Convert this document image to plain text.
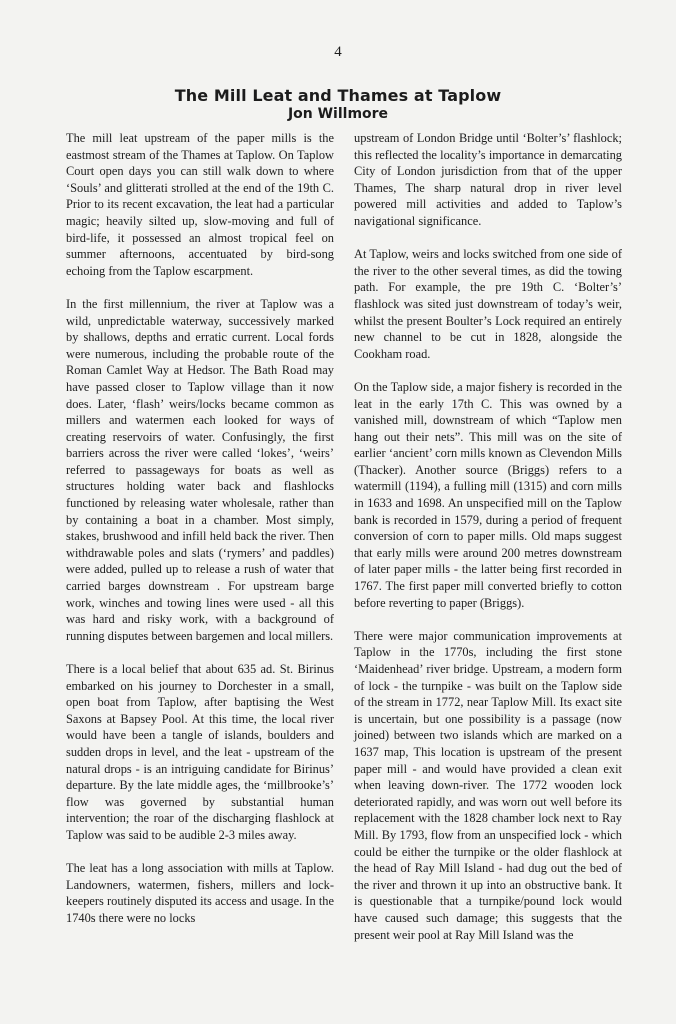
4
The Mill Leat and Thames at Taplow
Jon Willmore

The mill leat upstream of the paper mills is the eastmost stream of the Thames at Taplow. On Taplow Court open days you can still walk down to where ‘Souls’ and glitterati strolled at the end of the 19th C. Prior to its recent excavation, the leat had a particular magic; heavily silted up, slow-moving and full of bird-life, it possessed an almost tropical feel on summer afternoons, accentuated by bird-song echoing from the Taplow escarpment.

In the first millennium, the river at Taplow was a wild, unpredictable waterway, successively marked by shallows, depths and erratic current. Local fords were numerous, including the probable route of the Roman Camlet Way at Hedsor. The Bath Road may have passed closer to Taplow village than it now does. Later, ‘flash’ weirs/locks became common as millers and watermen each looked for ways of creating reservoirs of water. Confusingly, the first barriers across the river were called ‘lokes’, ‘weirs’ referred to passageways for boats as well as structures holding water back and flashlocks functioned by releasing water wholesale, rather than by containing a boat in a chamber. Most simply, stakes, brushwood and infill held back the river. Then withdrawable poles and slats (‘rymers’ and paddles) were added, pulled up to release a rush of water that carried barges downstream . For upstream barge work, winches and towing lines were used - all this was hard and risky work, with a background of running disputes between bargemen and local millers.

There is a local belief that about 635 ad. St. Birinus embarked on his journey to Dorchester in a small, open boat from Taplow, after baptising the West Saxons at Bapsey Pool. At this time, the local river would have been a tangle of islands, boulders and sudden drops in level, and the leat - upstream of the natural drops - is an intriguing candidate for Birinus’ departure. By the late middle ages, the ‘millbrooke’s’ flow was governed by substantial human intervention; the roar of the discharging flashlock at Taplow was said to be audible 2-3 miles away.

The leat has a long association with mills at Taplow. Landowners, watermen, fishers, millers and lock-keepers routinely disputed its access and usage. In the 1740s there were no locks

upstream of London Bridge until ‘Bolter’s’ flashlock; this reflected the locality’s importance in demarcating City of London jurisdiction from that of the upper Thames, The sharp natural drop in river level powered mill activities and added to Taplow’s navigational significance.

At Taplow, weirs and locks switched from one side of the river to the other several times, as did the towing path. For example, the pre 19th C. ‘Bolter’s’ flashlock was sited just downstream of today’s weir, whilst the present Boulter’s Lock required an entirely new channel to be cut in 1828, alongside the Cookham road.

On the Taplow side, a major fishery is recorded in the leat in the early 17th C. This was owned by a vanished mill, downstream of which “Taplow men hang out their nets”. This mill was on the site of earlier ‘ancient’ corn mills known as Clevendon Mills (Thacker). Another source (Briggs) refers to a watermill (1194), a fulling mill (1315) and corn mills in 1633 and 1698. An unspecified mill on the Taplow bank is recorded in 1579, during a period of frequent conversion of corn to paper mills. Old maps suggest that early mills were around 200 metres downstream of later paper mills - the latter being first recorded in 1767. The first paper mill converted briefly to cotton before reverting to paper (Briggs).

There were major communication improvements at Taplow in the 1770s, including the first stone ‘Maidenhead’ river bridge. Upstream, a modern form of lock - the turnpike - was built on the Taplow side of the stream in 1772, near Taplow Mill. Its exact site is uncertain, but one possibility is a passage (now joined) between two islands which are marked on a 1637 map, This location is upstream of the present paper mill - and would have provided a clean exit when leaving down-river. The 1772 wooden lock deteriorated rapidly, and was worn out well before its replacement with the 1828 chamber lock next to Ray Mill. By 1793, flow from an unspecified lock - which could be either the turnpike or the older flashlock at the head of Ray Mill Island - had dug out the bed of the river and thrown it up into an obstructive bank. It is questionable that a turnpike/pound lock would have caused such damage; this suggests that the present weir pool at Ray Mill Island was the
